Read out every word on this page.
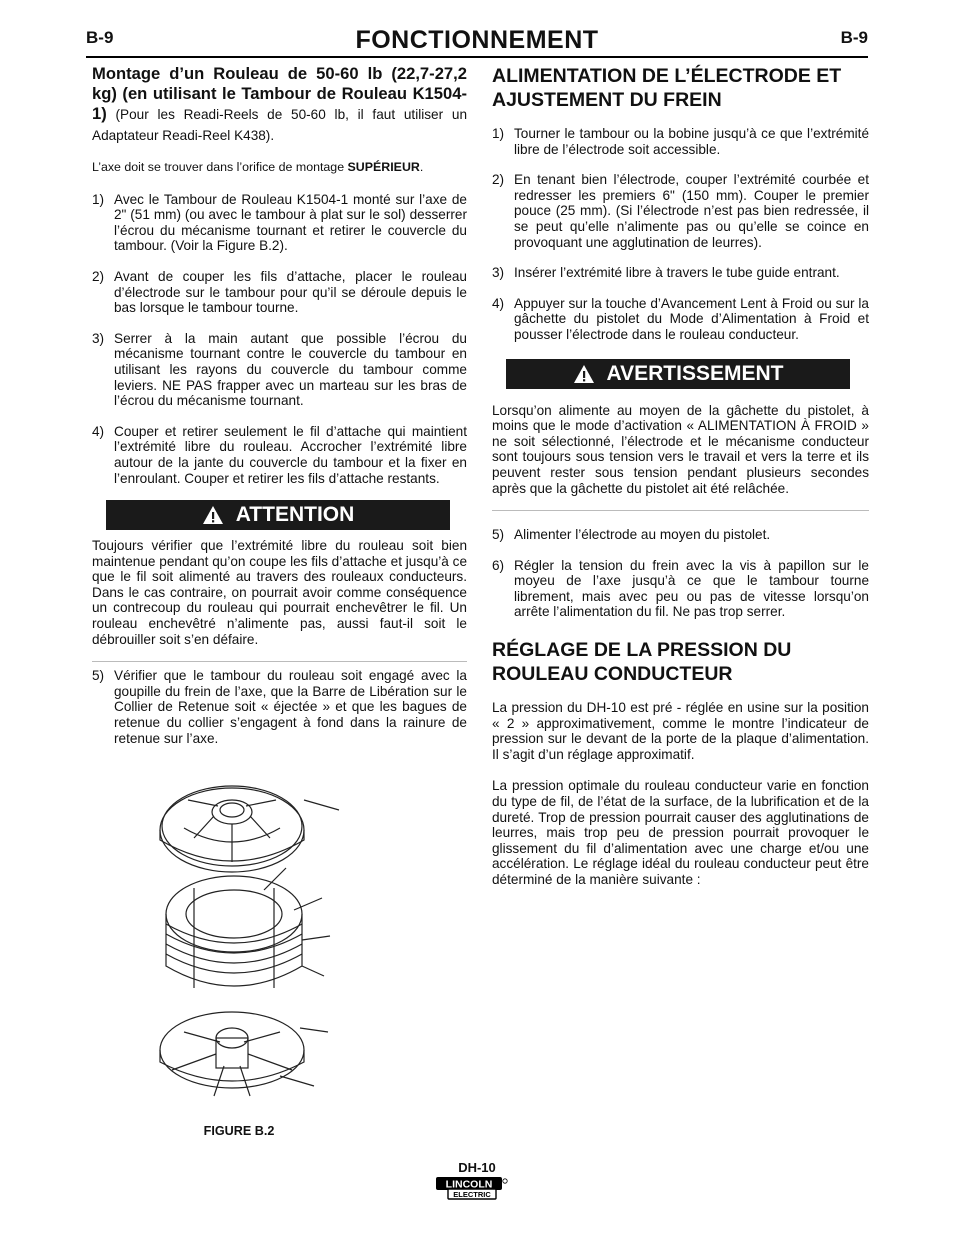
B-9	FONCTIONNEMENT	B-9

Montage d’un Rouleau de 50-60 lb (22,7-27,2 kg) (en utilisant le Tambour de Rouleau K1504-1) (Pour les Readi-Reels de 50-60 lb, il faut utiliser un Adaptateur Readi-Reel K438).

L’axe doit se trouver dans l’orifice de montage SUPÉRIEUR.

1) Avec le Tambour de Rouleau K1504-1 monté sur l’axe de 2" (51 mm) (ou avec le tambour à plat sur le sol) desserrer l’écrou du mécanisme tournant et retirer le couvercle du tambour. (Voir la Figure B.2).
2) Avant de couper les fils d’attache, placer le rouleau d’électrode sur le tambour pour qu’il se déroule depuis le bas lorsque le tambour tourne.
3) Serrer à la main autant que possible l’écrou du mécanisme tournant contre le couvercle du tambour en utilisant les rayons du couvercle du tambour comme leviers. NE PAS frapper avec un marteau sur les bras de l’écrou du mécanisme tournant.
4) Couper et retirer seulement le fil d’attache qui maintient l’extrémité libre du rouleau. Accrocher l’extrémité libre autour de la jante du couvercle du tambour et la fixer en l’enroulant. Couper et retirer les fils d’attache restants.
ATTENTION

Toujours vérifier que l’extrémité libre du rouleau soit bien maintenue pendant qu’on coupe les fils d’attache et jusqu’à ce que le fil soit alimenté au travers des rouleaux conducteurs. Dans le cas contraire, on pourrait avoir comme conséquence un contrecoup du rouleau qui pourrait enchevêtrer le fil. Un rouleau enchevêtré n’alimente pas, aussi faut-il soit le débrouiller soit s’en défaire.

5) Vérifier que le tambour du rouleau soit engagé avec la goupille du frein de l’axe, que la Barre de Libération sur le Collier de Retenue soit « éjectée » et que les bagues de retenue du collier s’engagent à fond dans la rainure de retenue sur l’axe.
FIGURE B.2
ALIMENTATION DE L’ÉLECTRODE ET AJUSTEMENT DU FREIN
1) Tourner le tambour ou la bobine jusqu’à ce que l’extrémité libre de l’électrode soit accessible.
2) En tenant bien l’électrode, couper l’extrémité courbée et redresser les premiers 6" (150 mm). Couper le premier pouce (25 mm). (Si l’électrode n’est pas bien redressée, il se peut qu’elle n’alimente pas ou qu’elle se coince en provoquant une agglutination de leurres).
3) Insérer l’extrémité libre à travers le tube guide entrant.
4) Appuyer sur la touche d’Avancement Lent à Froid ou sur la gâchette du pistolet du Mode d’Alimentation à Froid et pousser l’électrode dans le rouleau conducteur.
AVERTISSEMENT

Lorsqu’on alimente au moyen de la gâchette du pistolet, à moins que le mode d’activation « ALIMENTATION À FROID » ne soit sélectionné, l’électrode et le mécanisme conducteur sont toujours sous tension vers le travail et vers la terre et ils peuvent rester sous tension pendant plusieurs secondes après que la gâchette du pistolet ait été relâchée.

5) Alimenter l’électrode au moyen du pistolet.
6) Régler la tension du frein avec la vis à papillon sur le moyeu de l’axe jusqu’à ce que le tambour tourne librement, mais avec peu ou pas de vitesse lorsqu’on arrête l’alimentation du fil. Ne pas trop serrer.
RÉGLAGE DE LA PRESSION DU ROULEAU CONDUCTEUR

La pression du DH-10 est pré - réglée en usine sur la position « 2 » approximativement, comme le montre l’indicateur de pression sur le devant de la porte de la plaque d’alimentation. Il s’agit d’un réglage approximatif.

La pression optimale du rouleau conducteur varie en fonction du type de fil, de l’état de la surface, de la lubrification et de la dureté. Trop de pression pourrait causer des agglutinations de leurres, mais trop peu de pression pourrait provoquer le glissement du fil d’alimentation avec une charge et/ou une accélération. Le réglage idéal du rouleau conducteur peut être déterminé de la manière suivante :

DH-10
LINCOLN
ELECTRIC
